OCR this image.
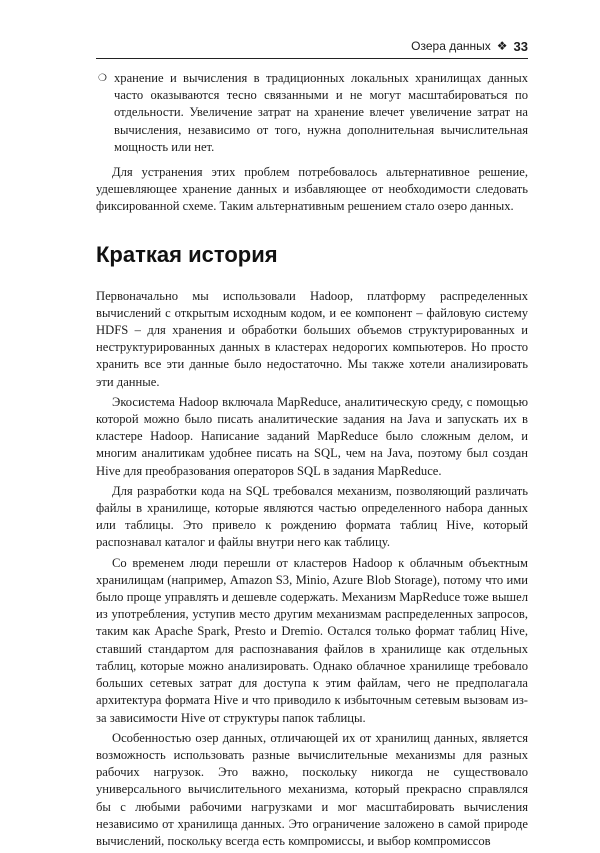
Озера данных ❖ 33
❍ хранение и вычисления в традиционных локальных хранилищах данных часто оказываются тесно связанными и не могут масштабироваться по отдельности. Увеличение затрат на хранение влечет увеличение затрат на вычисления, независимо от того, нужна дополнительная вычислительная мощность или нет.

Для устранения этих проблем потребовалось альтернативное решение, удешевляющее хранение данных и избавляющее от необходимости следовать фиксированной схеме. Таким альтернативным решением стало озеро данных.

Краткая история

Первоначально мы использовали Hadoop, платформу распределенных вычислений с открытым исходным кодом, и ее компонент – файловую систему HDFS – для хранения и обработки больших объемов структурированных и неструктурированных данных в кластерах недорогих компьютеров. Но просто хранить все эти данные было недостаточно. Мы также хотели анализировать эти данные.

Экосистема Hadoop включала MapReduce, аналитическую среду, с помощью которой можно было писать аналитические задания на Java и запускать их в кластере Hadoop. Написание заданий MapReduce было сложным делом, и многим аналитикам удобнее писать на SQL, чем на Java, поэтому был создан Hive для преобразования операторов SQL в задания MapReduce.

Для разработки кода на SQL требовался механизм, позволяющий различать файлы в хранилище, которые являются частью определенного набора данных или таблицы. Это привело к рождению формата таблиц Hive, который распознавал каталог и файлы внутри него как таблицу.

Со временем люди перешли от кластеров Hadoop к облачным объектным хранилищам (например, Amazon S3, Minio, Azure Blob Storage), потому что ими было проще управлять и дешевле содержать. Механизм MapReduce тоже вышел из употребления, уступив место другим механизмам распределенных запросов, таким как Apache Spark, Presto и Dremio. Остался только формат таблиц Hive, ставший стандартом для распознавания файлов в хранилище как отдельных таблиц, которые можно анализировать. Однако облачное хранилище требовало больших сетевых затрат для доступа к этим файлам, чего не предполагала архитектура формата Hive и что приводило к избыточным сетевым вызовам из-за зависимости Hive от структуры папок таблицы.

Особенностью озер данных, отличающей их от хранилищ данных, является возможность использовать разные вычислительные механизмы для разных рабочих нагрузок. Это важно, поскольку никогда не существовало универсального вычислительного механизма, который прекрасно справлялся бы с любыми рабочими нагрузками и мог масштабировать вычисления независимо от хранилища данных. Это ограничение заложено в самой природе вычислений, поскольку всегда есть компромиссы, и выбор компромиссов
